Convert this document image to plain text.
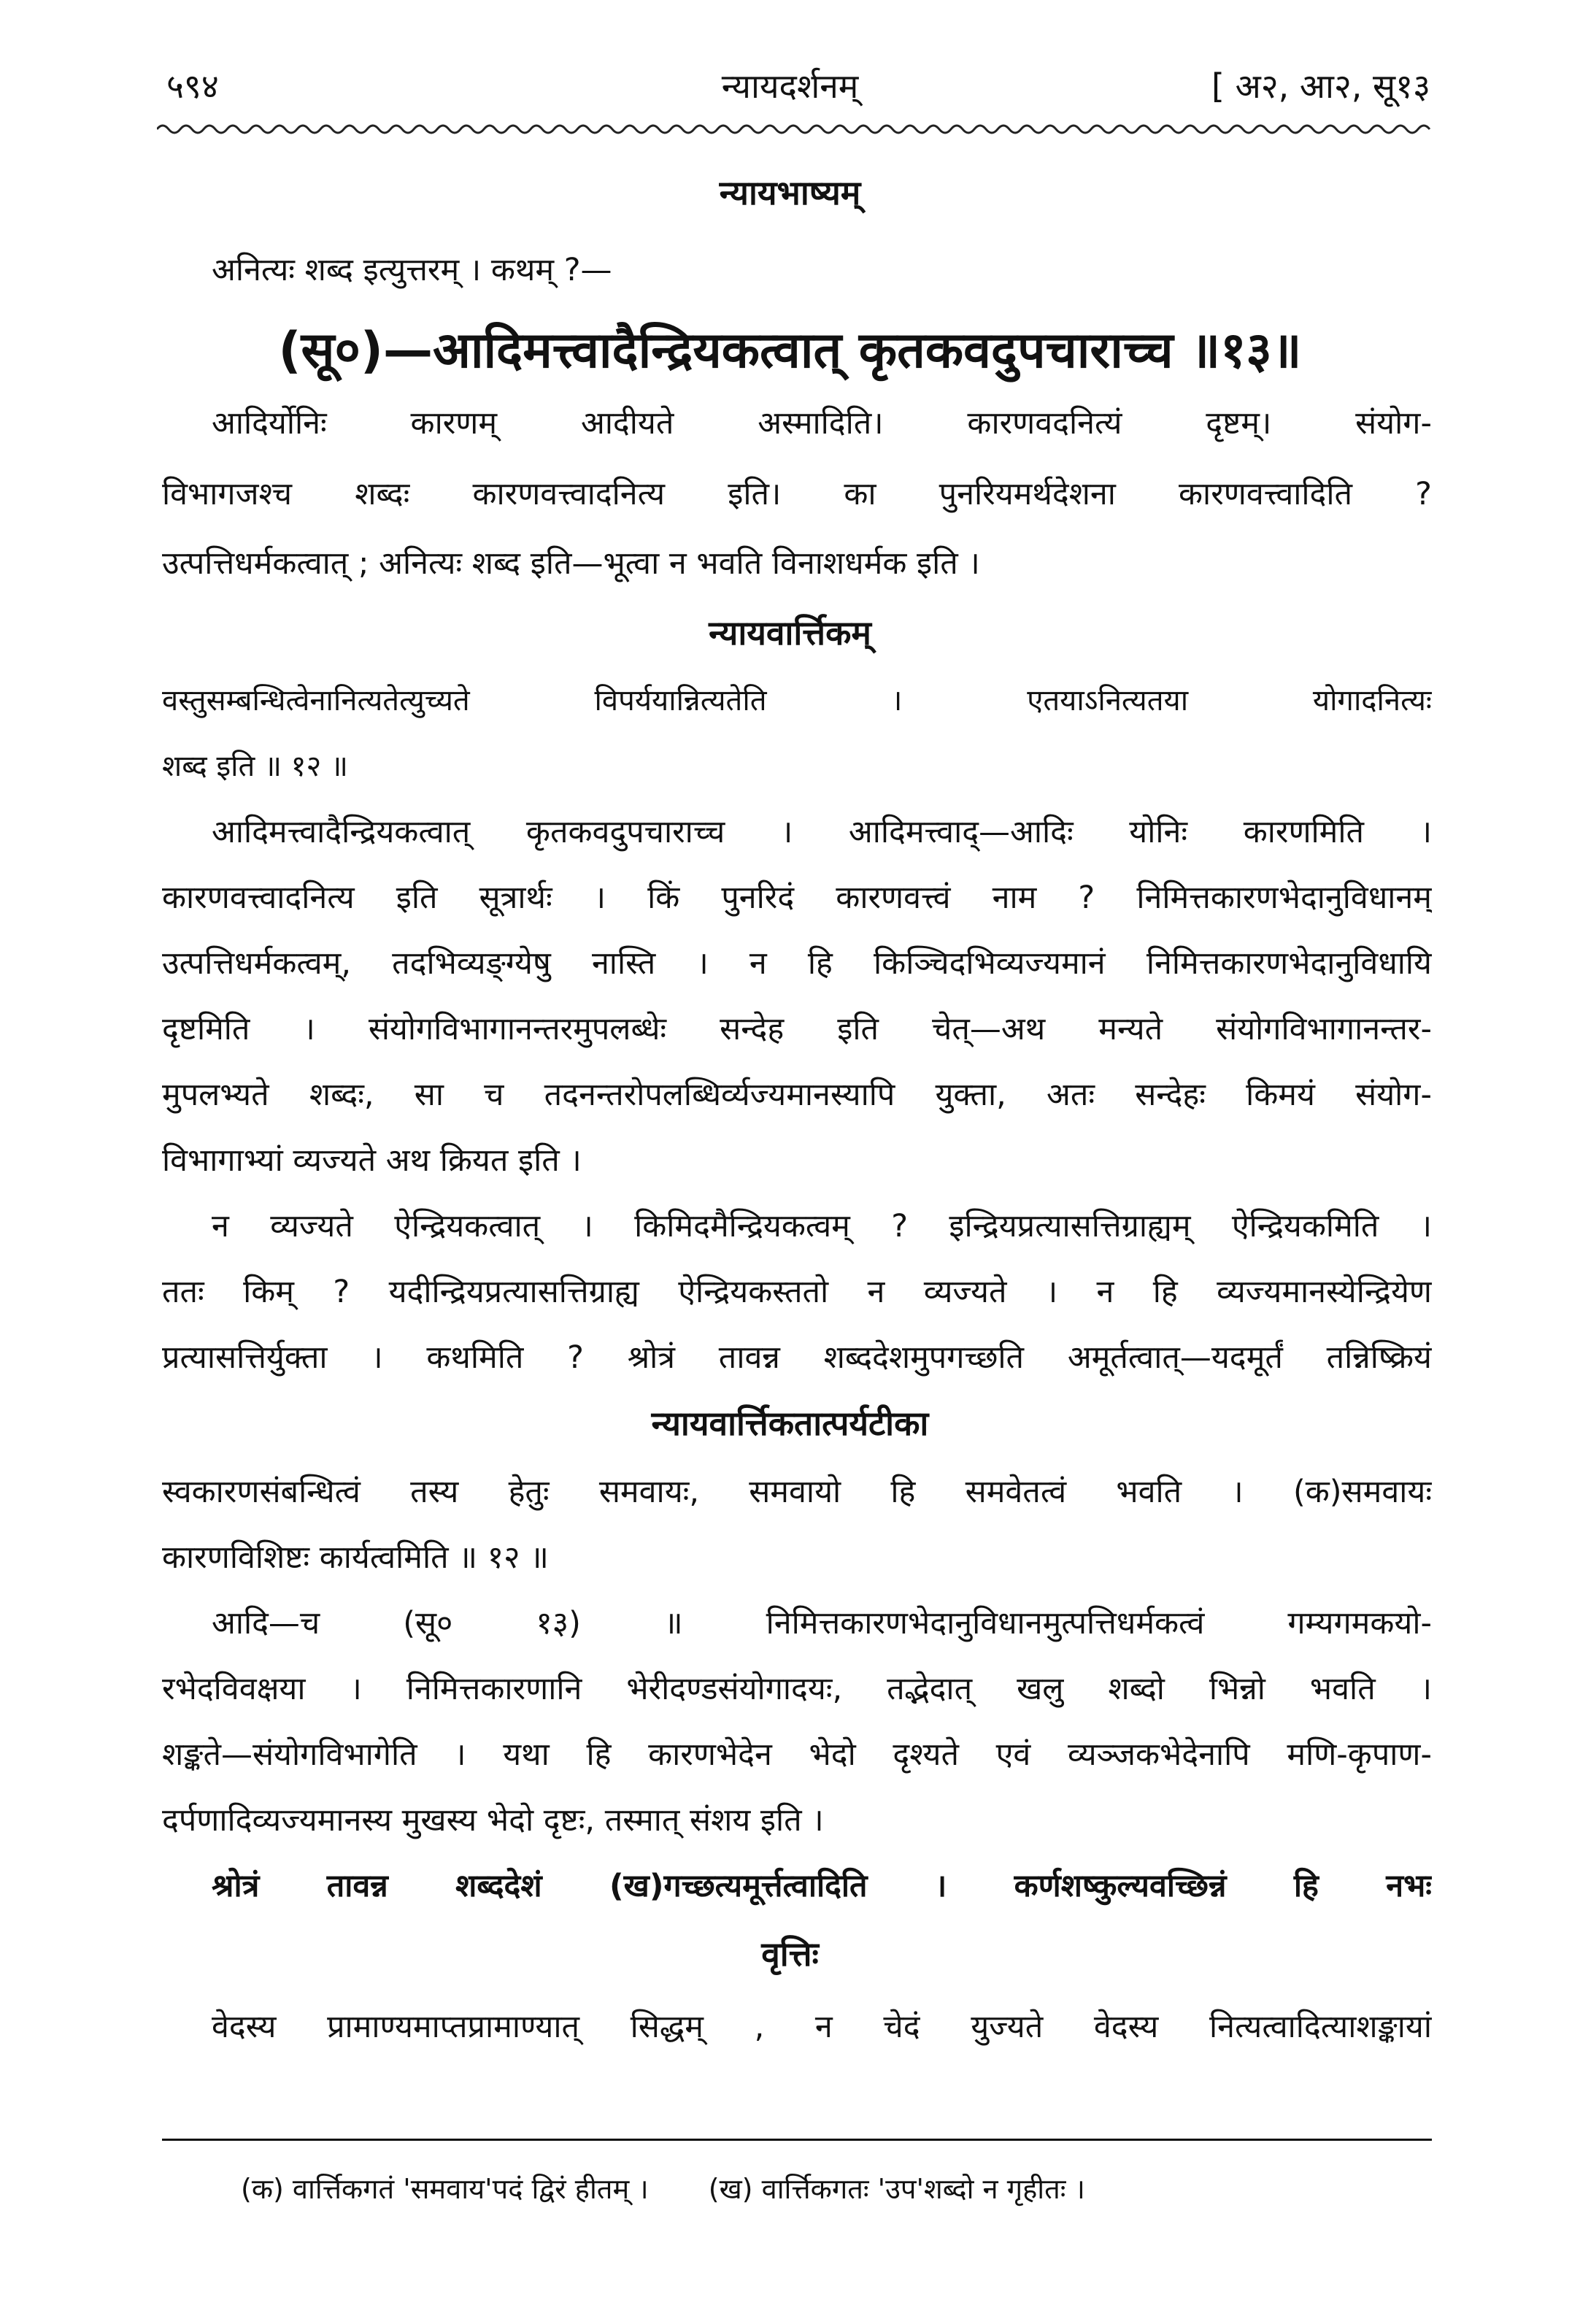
५९४	न्यायदर्शनम्	[ अ२, आ२, सू१३
न्यायभाष्यम्
अनित्यः शब्द इत्युत्तरम् । कथम् ?—
(सू०)—आदिमत्त्वादैन्द्रियकत्वात् कृतकवदुपचाराच्च ॥१३॥
आदिर्योनिः कारणम् आदीयते अस्मादिति। कारणवदनित्यं दृष्टम्। संयोग-
विभागजश्च शब्दः कारणवत्त्वादनित्य इति। का पुनरियमर्थदेशना कारणवत्त्वादिति ?
उत्पत्तिधर्मकत्वात् ; अनित्यः शब्द इति—भूत्वा न भवति विनाशधर्मक इति ।
न्यायवार्त्तिकम्
वस्तुसम्बन्धित्वेनानित्यतेत्युच्यते विपर्ययान्नित्यतेति । एतयाऽनित्यतया योगादनित्यः
शब्द इति ॥ १२ ॥
आदिमत्त्वादैन्द्रियकत्वात् कृतकवदुपचाराच्च । आदिमत्त्वाद्—आदिः योनिः कारणमिति ।
कारणवत्त्वादनित्य इति सूत्रार्थः । किं पुनरिदं कारणवत्त्वं नाम ? निमित्तकारणभेदानुविधानम्
उत्पत्तिधर्मकत्वम्, तदभिव्यङ्ग्येषु नास्ति । न हि किञ्चिदभिव्यज्यमानं निमित्तकारणभेदानुविधायि
दृष्टमिति । संयोगविभागानन्तरमुपलब्धेः सन्देह इति चेत्—अथ मन्यते संयोगविभागानन्तर-
मुपलभ्यते शब्दः, सा च तदनन्तरोपलब्धिर्व्यज्यमानस्यापि युक्ता, अतः सन्देहः किमयं संयोग-
विभागाभ्यां व्यज्यते अथ क्रियत इति ।
न व्यज्यते ऐन्द्रियकत्वात् । किमिदमैन्द्रियकत्वम् ? इन्द्रियप्रत्यासत्तिग्राह्यम् ऐन्द्रियकमिति ।
ततः किम् ? यदीन्द्रियप्रत्यासत्तिग्राह्य ऐन्द्रियकस्ततो न व्यज्यते । न हि व्यज्यमानस्येन्द्रियेण
प्रत्यासत्तिर्युक्ता । कथमिति ? श्रोत्रं तावन्न शब्ददेशमुपगच्छति अमूर्तत्वात्—यदमूर्तं तन्निष्क्रियं
न्यायवार्त्तिकतात्पर्यटीका
स्वकारणसंबन्धित्वं तस्य हेतुः समवायः, समवायो हि समवेतत्वं भवति । (क)समवायः
कारणविशिष्टः कार्यत्वमिति ॥ १२ ॥
आदि—च (सू० १३) ॥ निमित्तकारणभेदानुविधानमुत्पत्तिधर्मकत्वं गम्यगमकयो-
रभेदविवक्षया । निमित्तकारणानि भेरीदण्डसंयोगादयः, तद्भेदात् खलु शब्दो भिन्नो भवति ।
शङ्कते—संयोगविभागेति । यथा हि कारणभेदेन भेदो दृश्यते एवं व्यञ्जकभेदेनापि मणि-कृपाण-
दर्पणादिव्यज्यमानस्य मुखस्य भेदो दृष्टः, तस्मात् संशय इति ।
श्रोत्रं तावन्न शब्ददेशं (ख)गच्छत्यमूर्त्तत्वादिति । कर्णशष्कुल्यवच्छिन्नं हि नभः
वृत्तिः
वेदस्य प्रामाण्यमाप्तप्रामाण्यात् सिद्धम् , न चेदं युज्यते वेदस्य नित्यत्वादित्याशङ्कायां
(क) वार्त्तिकगतं 'समवाय'पदं द्विरं हीतम् । (ख) वार्त्तिकगतः 'उप'शब्दो न गृहीतः ।
